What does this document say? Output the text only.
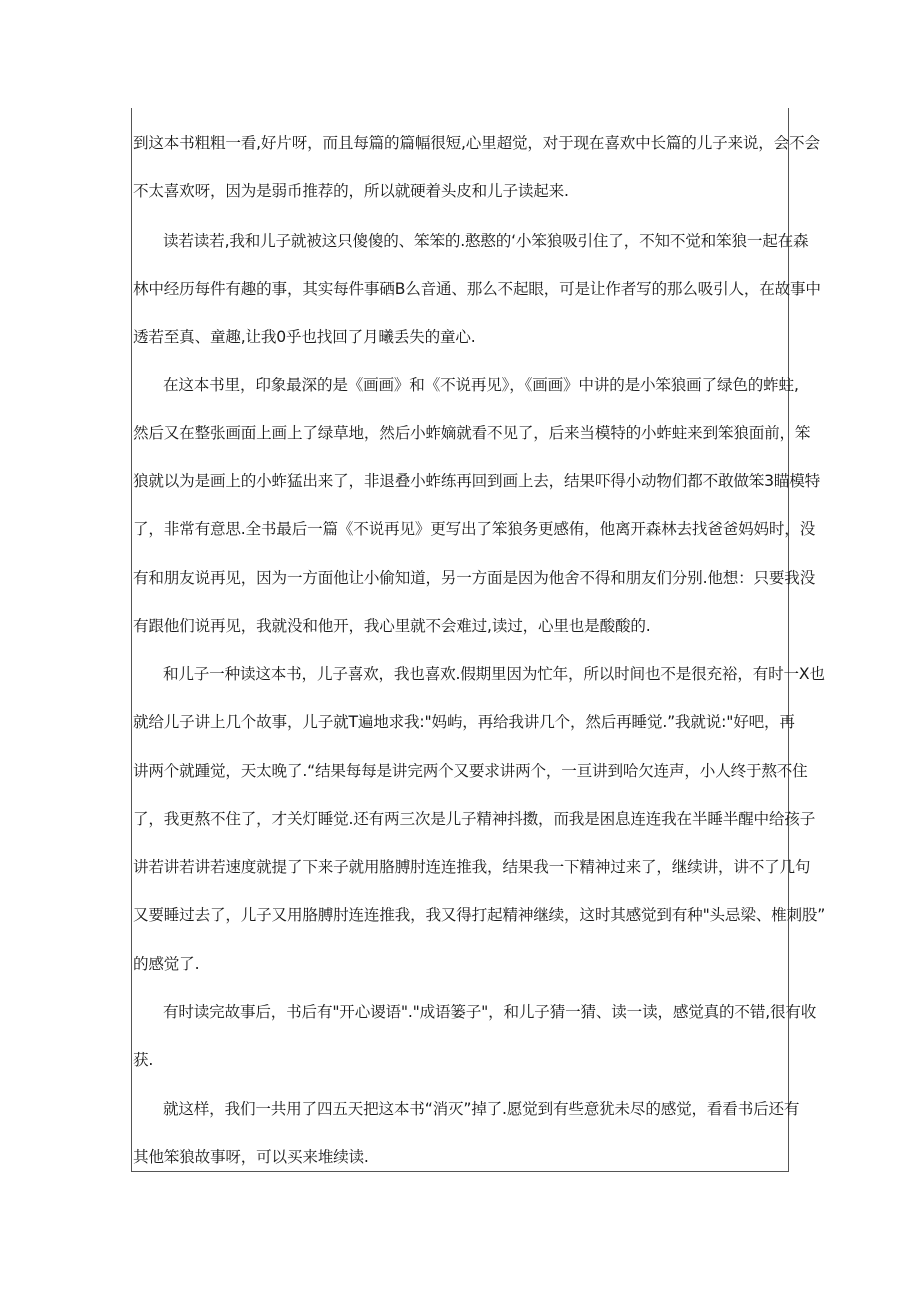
到这本书粗粗一看,好片呀，而且每篇的篇幅很短,心里超觉，对于现在喜欢中长篇的儿子来说，会不会
不太喜欢呀，因为是弱币推荐的，所以就硬着头皮和儿子读起来.
读若读若,我和儿子就被这只傻傻的、笨笨的.憨憨的‘小笨狼吸引住了，不知不觉和笨狼一起在森
林中经历每件有趣的事，其实每件事硒B么音通、那么不起眼，可是让作者写的那么吸引人，在故事中
透若至真、童趣,让我0乎也找回了月曦丢失的童心.
在这本书里，印象最深的是《画画》和《不说再见》，《画画》中讲的是小笨狼画了绿色的蚱蛀,
然后又在整张画面上画上了绿草地，然后小蚱嫡就看不见了，后来当模特的小蚱蛀来到笨狼面前，笨
狼就以为是画上的小蚱猛出来了，非退叠小蚱练再回到画上去，结果吓得小动物们都不敢做笨3瞄模特
了，非常有意思.全书最后一篇《不说再见》更写出了笨狼务更感侑，他离开森林去找爸爸妈妈时，没
有和朋友说再见，因为一方面他让小偷知道，另一方面是因为他舍不得和朋友们分别.他想：只要我没
有跟他们说再见，我就没和他开，我心里就不会难过,读过，心里也是酸酸的.
和儿子一种读这本书，儿子喜欢，我也喜欢.假期里因为忙年，所以时间也不是很充裕，有时一X也
就给儿子讲上几个故事，儿子就T遍地求我:"妈屿，再给我讲几个，然后再睡觉.”我就说:"好吧，再
讲两个就踵觉，天太晚了.“结果每每是讲完两个又要求讲两个，一亘讲到哈欠连声，小人终于熬不住
了，我更熬不住了，才关灯睡觉.还有两三次是儿子精神抖擞，而我是困息连连我在半睡半醒中给孩子
讲若讲若讲若速度就提了下来子就用胳膊肘连连推我，结果我一下精神过来了，继续讲，讲不了几句
又要睡过去了，儿子又用胳膊肘连连推我，我又得打起精神继续，这时其感觉到有种"头忌梁、椎刺股”
的感觉了.
有时读完故事后，书后有"开心谡语"."成语篓子"，和儿子猜一猜、读一读，感觉真的不错,很有收
获.
就这样，我们一共用了四五天把这本书“消灭”掉了.愿觉到有些意犹未尽的感觉，看看书后还有
其他笨狼故事呀，可以买来堆续读.
